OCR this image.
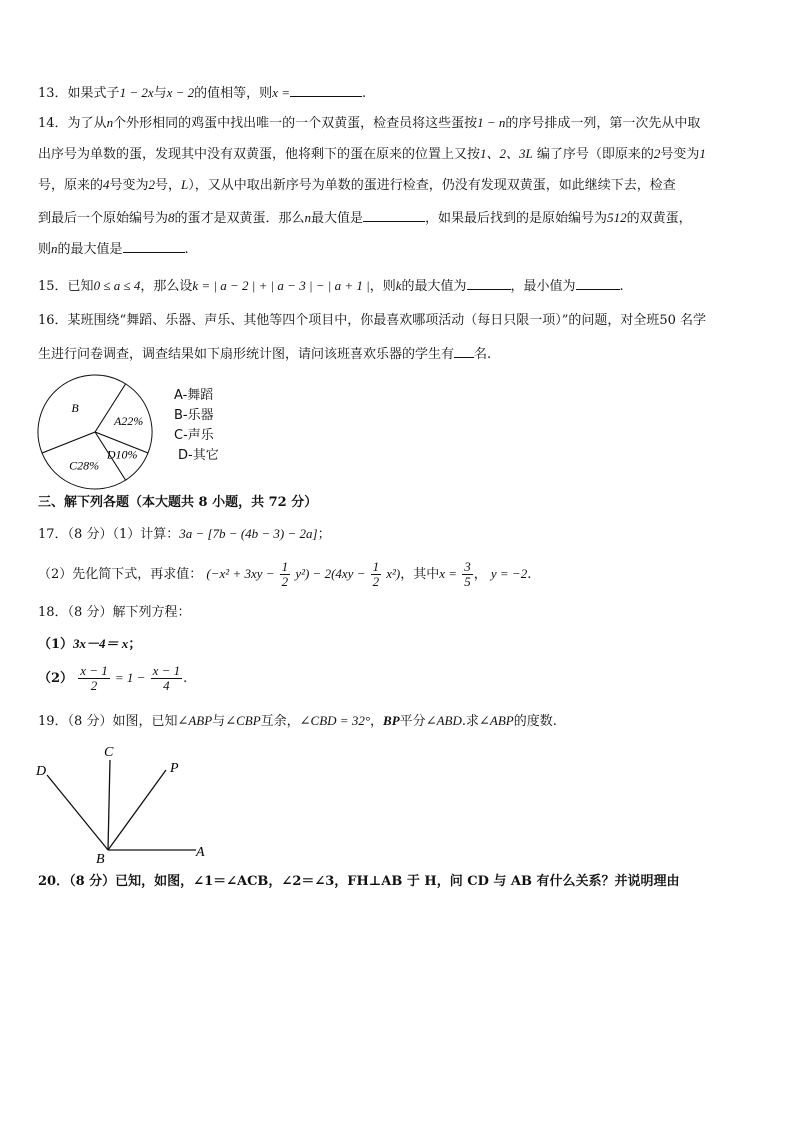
13．如果式子1 − 2x与x − 2的值相等，则x =	.
14．为了从n个外形相同的鸡蛋中找出唯一的一个双黄蛋，检查员将这些蛋按1 − n的序号排成一列，第一次先从中取
出序号为单数的蛋，发现其中没有双黄蛋，他将剩下的蛋在原来的位置上又按1、2、3L 编了序号（即原来的2号变为1
号，原来的4号变为2号，L），又从中取出新序号为单数的蛋进行检查，仍没有发现双黄蛋，如此继续下去，检查
到最后一个原始编号为8的蛋才是双黄蛋．那么n最大值是	，如果最后找到的是原始编号为512的双黄蛋，
则n的最大值是	.
15．已知0 ≤ a ≤ 4，那么设k = | a − 2 | + | a − 3 | − | a + 1 |，则k的最大值为	，最小值为	.
16．某班围绕“舞蹈、乐器、声乐、其他等四个项目中，你最喜欢哪项活动（每日只限一项）”的问题，对全班50 名学
生进行问卷调查，调查结果如下扇形统计图，请问该班喜欢乐器的学生有 名.
A22%
D10%
C28%
B
A-舞蹈
B-乐器
C-声乐
D-其它
三、解下列各题（本大题共 8 小题，共 72 分）
17．（8 分）（1）计算：3a − [7b − (4b − 3) − 2a]；
（2）先化简下式，再求值： $(-x^2 + 3xy - \frac{1}{2} y^2) - 2(4xy - \frac{1}{2} x^2)$，其中$x = \frac{3}{5}$ ， y = −2.
18．（8 分）解下列方程：
（1）3x－4＝ x；
$(2) \frac{x - 1}{2} = 1 - \frac{x - 1}{4}$ .
19．（8 分）如图，已知∠ABP与∠CBP互余，∠CBD = 32°，BP平分∠ABD.求∠ABP的度数.
C
P
D
B	A
20．（8 分）已知，如图，∠1＝∠ACB，∠2＝∠3，FH⊥AB 于 H，问 CD 与 AB 有什么关系？并说明理由
